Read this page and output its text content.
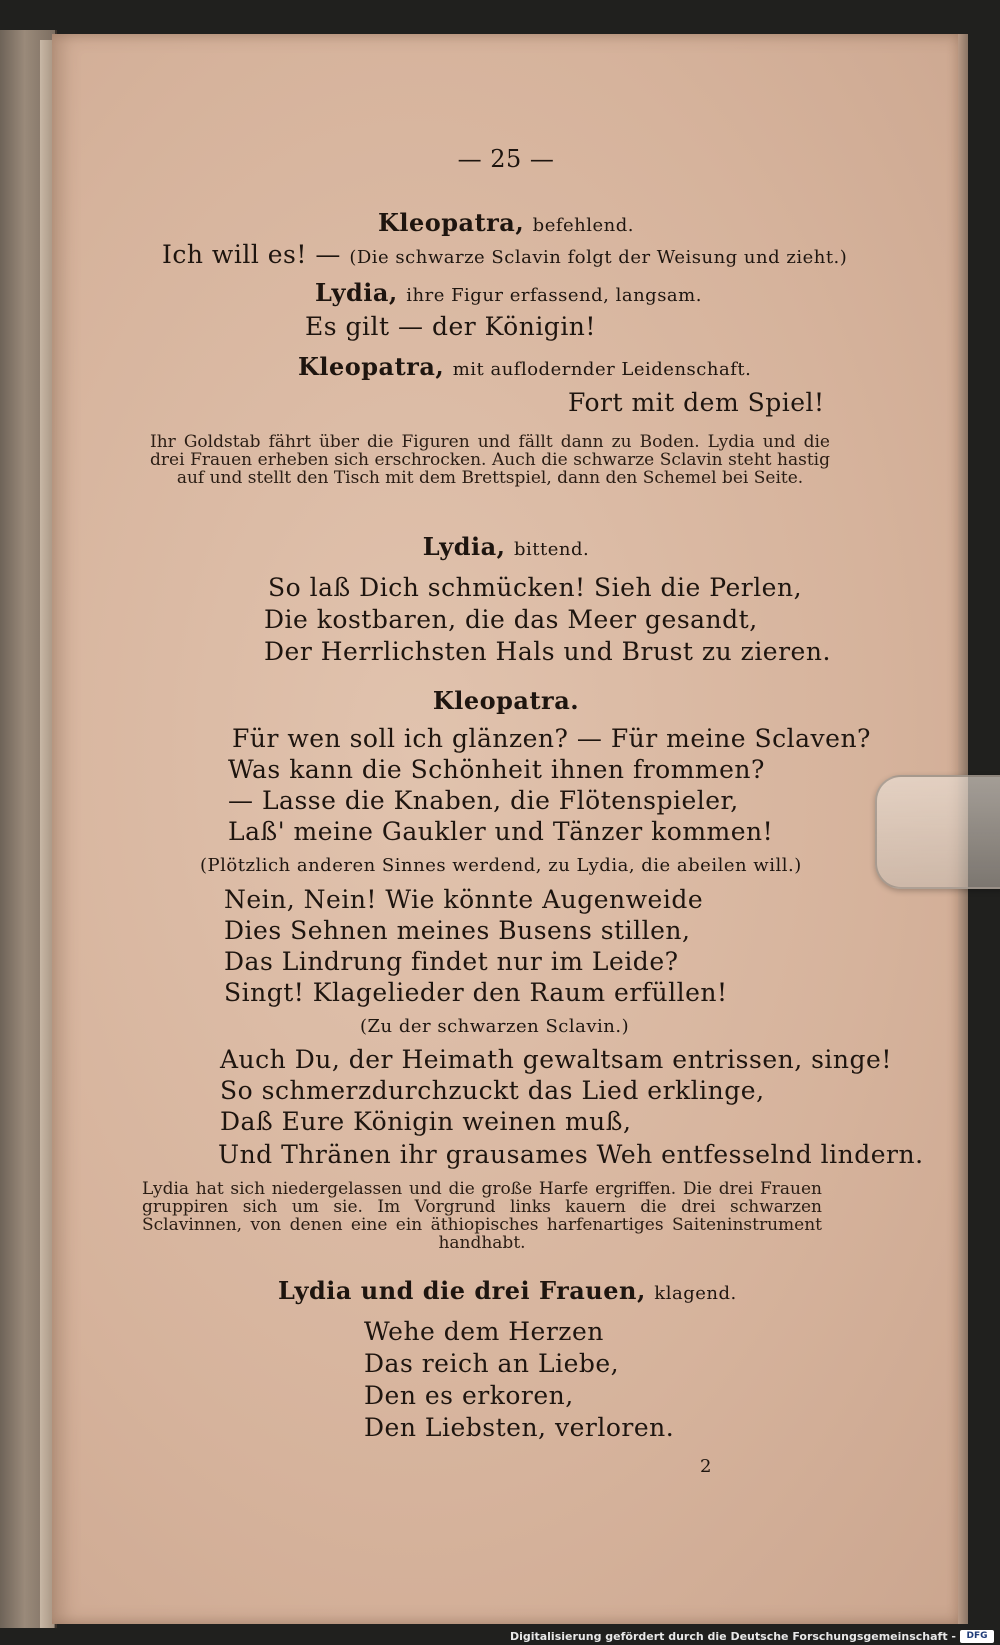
— 25 —
Kleopatra, befehlend.
Ich will es! — (Die schwarze Sclavin folgt der Weisung und zieht.)
Lydia, ihre Figur erfassend, langsam.
Es gilt — der Königin!
Kleopatra, mit auflodernder Leidenschaft.
Fort mit dem Spiel!
Ihr Goldstab fährt über die Figuren und fällt dann zu Boden. Lydia und die drei Frauen erheben sich erschrocken. Auch die schwarze Sclavin steht hastig auf und stellt den Tisch mit dem Brettspiel, dann den Schemel bei Seite.
Lydia, bittend.
So laß Dich schmücken! Sieh die Perlen,
Die kostbaren, die das Meer gesandt,
Der Herrlichsten Hals und Brust zu zieren.
Kleopatra.
Für wen soll ich glänzen? — Für meine Sclaven?
Was kann die Schönheit ihnen frommen?
— Lasse die Knaben, die Flötenspieler,
Laß' meine Gaukler und Tänzer kommen!
(Plötzlich anderen Sinnes werdend, zu Lydia, die abeilen will.)
Nein, Nein! Wie könnte Augenweide
Dies Sehnen meines Busens stillen,
Das Lindrung findet nur im Leide?
Singt! Klagelieder den Raum erfüllen!
(Zu der schwarzen Sclavin.)
Auch Du, der Heimath gewaltsam entrissen, singe!
So schmerzdurchzuckt das Lied erklinge,
Daß Eure Königin weinen muß,
Und Thränen ihr grausames Weh entfesselnd lindern.
Lydia hat sich niedergelassen und die große Harfe ergriffen. Die drei Frauen gruppiren sich um sie. Im Vorgrund links kauern die drei schwarzen Sclavinnen, von denen eine ein äthiopisches harfenartiges Saiteninstrument handhabt.
Lydia und die drei Frauen, klagend.
Wehe dem Herzen
Das reich an Liebe,
Den es erkoren,
Den Liebsten, verloren.
2
Digitalisierung gefördert durch die Deutsche Forschungsgemeinschaft -	DFG
